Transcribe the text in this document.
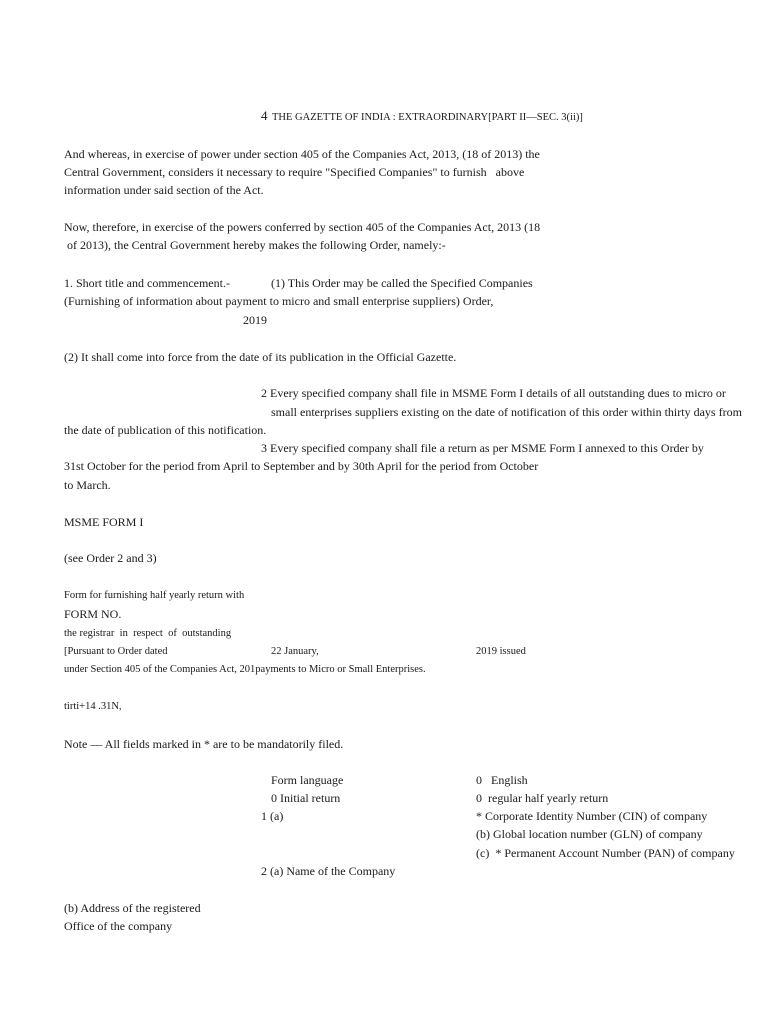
4 THE GAZETTE OF INDIA : EXTRAORDINARY[PART II—SEC. 3(ii)]
And whereas, in exercise of power under section 405 of the Companies Act, 2013, (18 of 2013) the
Central Government, considers it necessary to require "Specified Companies" to furnish   above
information under said section of the Act.
Now, therefore, in exercise of the powers conferred by section 405 of the Companies Act, 2013 (18
of 2013), the Central Government hereby makes the following Order, namely:-
1. Short title and commencement.-	(1) This Order may be called the Specified Companies
(Furnishing of information about payment to micro and small enterprise suppliers) Order,
2019
(2) It shall come into force from the date of its publication in the Official Gazette.
2 Every specified company shall file in MSME Form I details of all outstanding dues to micro or
small enterprises suppliers existing on the date of notification of this order within thirty days from
the date of publication of this notification.
3 Every specified company shall file a return as per MSME Form I annexed to this Order by
31st October for the period from April to September and by 30th April for the period from October
to March.
MSME FORM I
(see Order 2 and 3)
Form for furnishing half yearly return with
FORM NO.
the registrar  in  respect  of  outstanding
[Pursuant to Order dated	22 January,	2019 issued
under Section 405 of the Companies Act, 201payments to Micro or Small Enterprises.
tirti+14 .31N,
Note — All fields marked in * are to be mandatorily filed.
Form language	0   English
0 Initial return	0  regular half yearly return
1 (a)	* Corporate Identity Number (CIN) of company
(b) Global location number (GLN) of company
(c)  * Permanent Account Number (PAN) of company
2 (a) Name of the Company
(b) Address of the registered
Office of the company
